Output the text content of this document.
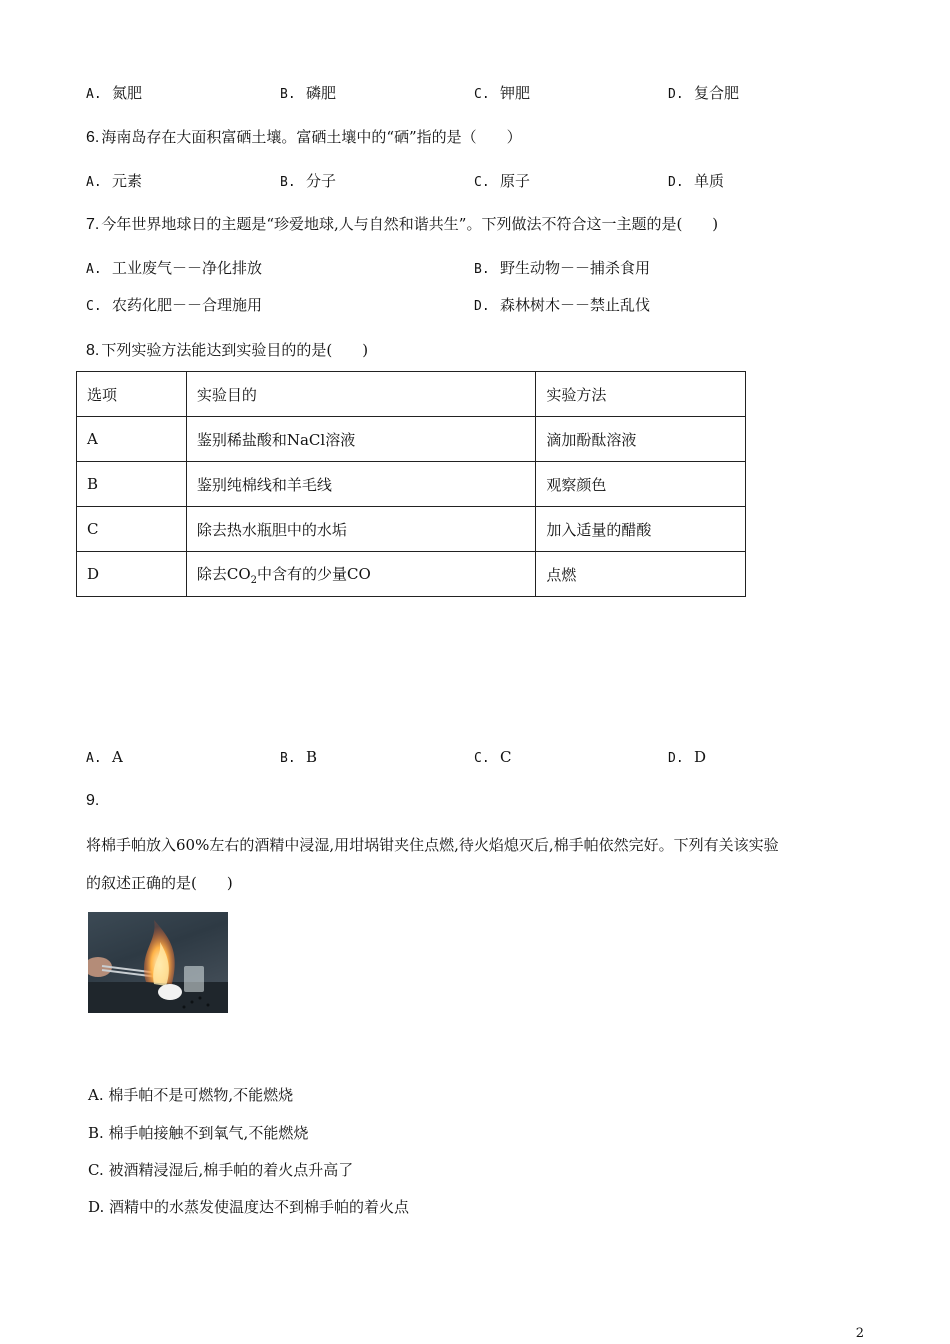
A. 氮肥	B. 磷肥	C. 钾肥	D. 复合肥
6. 海南岛存在大面积富硒土壤。富硒土壤中的“硒”指的是（　　）
A. 元素	B. 分子	C. 原子	D. 单质
7. 今年世界地球日的主题是“珍爱地球,人与自然和谐共生”。下列做法不符合这一主题的是(　　)
A. 工业废气－－净化排放	B. 野生动物－－捕杀食用
C. 农药化肥－－合理施用	D. 森林树木－－禁止乱伐
8. 下列实验方法能达到实验目的的是(　　)
选项	实验目的	实验方法
A	鉴别稀盐酸和NaCl溶液	滴加酚酞溶液
B	鉴别纯棉线和羊毛线	观察颜色
C	除去热水瓶胆中的水垢	加入适量的醋酸
D	除去$CO_2$中含有的少量CO	点燃
A. A	B. B	C. C	D. D
9.
将棉手帕放入60%左右的酒精中浸湿,用坩埚钳夹住点燃,待火焰熄灭后,棉手帕依然完好。下列有关该实验
的叙述正确的是(　　)
A. 棉手帕不是可燃物,不能燃烧
B. 棉手帕接触不到氧气,不能燃烧
C. 被酒精浸湿后,棉手帕的着火点升高了
D. 酒精中的水蒸发使温度达不到棉手帕的着火点
2
